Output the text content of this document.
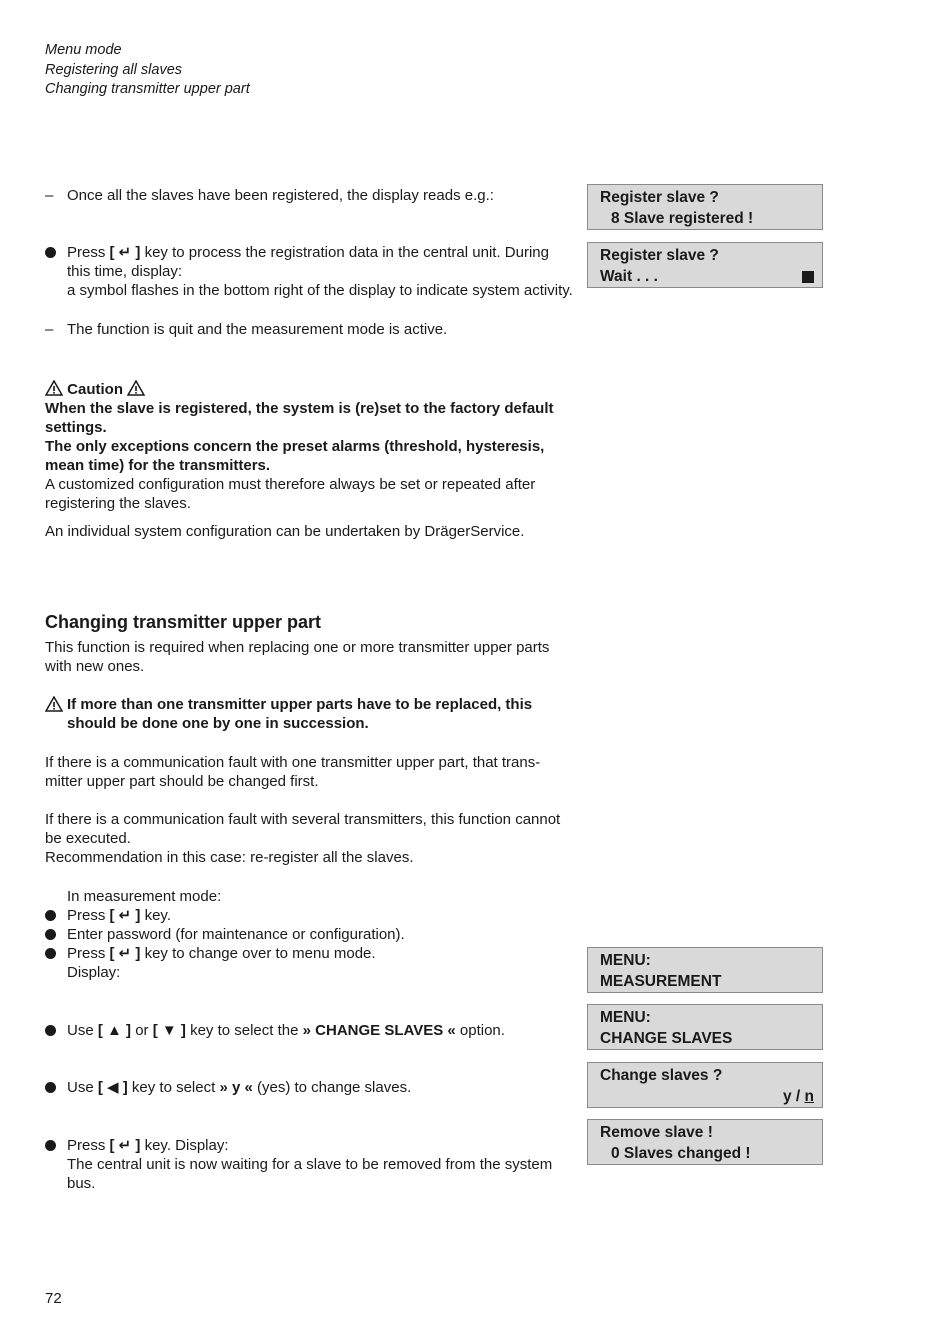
Menu mode
Registering all slaves
Changing transmitter upper part
– Once all the slaves have been registered, the display reads e.g.:
Press [ ↵ ] key to process the registration data in the central unit. During this time, display:
a symbol flashes in the bottom right of the display to indicate system activity.
– The function is quit and the measurement mode is active.
Caution
When the slave is registered, the system is (re)set to the factory default settings.
The only exceptions concern the preset alarms (threshold, hysteresis, mean time) for the transmitters.
A customized configuration must therefore always be set or repeated after registering the slaves.
An individual system configuration can be undertaken by DrägerService.
Changing transmitter upper part
This function is required when replacing one or more transmitter upper parts with new ones.
If more than one transmitter upper parts have to be replaced, this should be done one by one in succession.
If there is a communication fault with one transmitter upper part, that trans-mitter upper part should be changed first.
If there is a communication fault with several transmitters, this function cannot be executed.
Recommendation in this case: re-register all the slaves.
In measurement mode:
Press [ ↵ ] key.
Enter password (for maintenance or configuration).
Press [ ↵ ] key to change over to menu mode.
Display:
Use [ ▲ ] or [ ▼ ] key to select the » CHANGE SLAVES « option.
Use [ ◀ ] key to select » y « (yes) to change slaves.
Press [ ↵ ] key. Display:
The central unit is now waiting for a slave to be removed from the system bus.
Register slave ?
8 Slave registered !
Register slave ?
Wait . . .
MENU:
MEASUREMENT
MENU:
CHANGE SLAVES
Change slaves ?
y / n
Remove slave !
0 Slaves changed !
72
